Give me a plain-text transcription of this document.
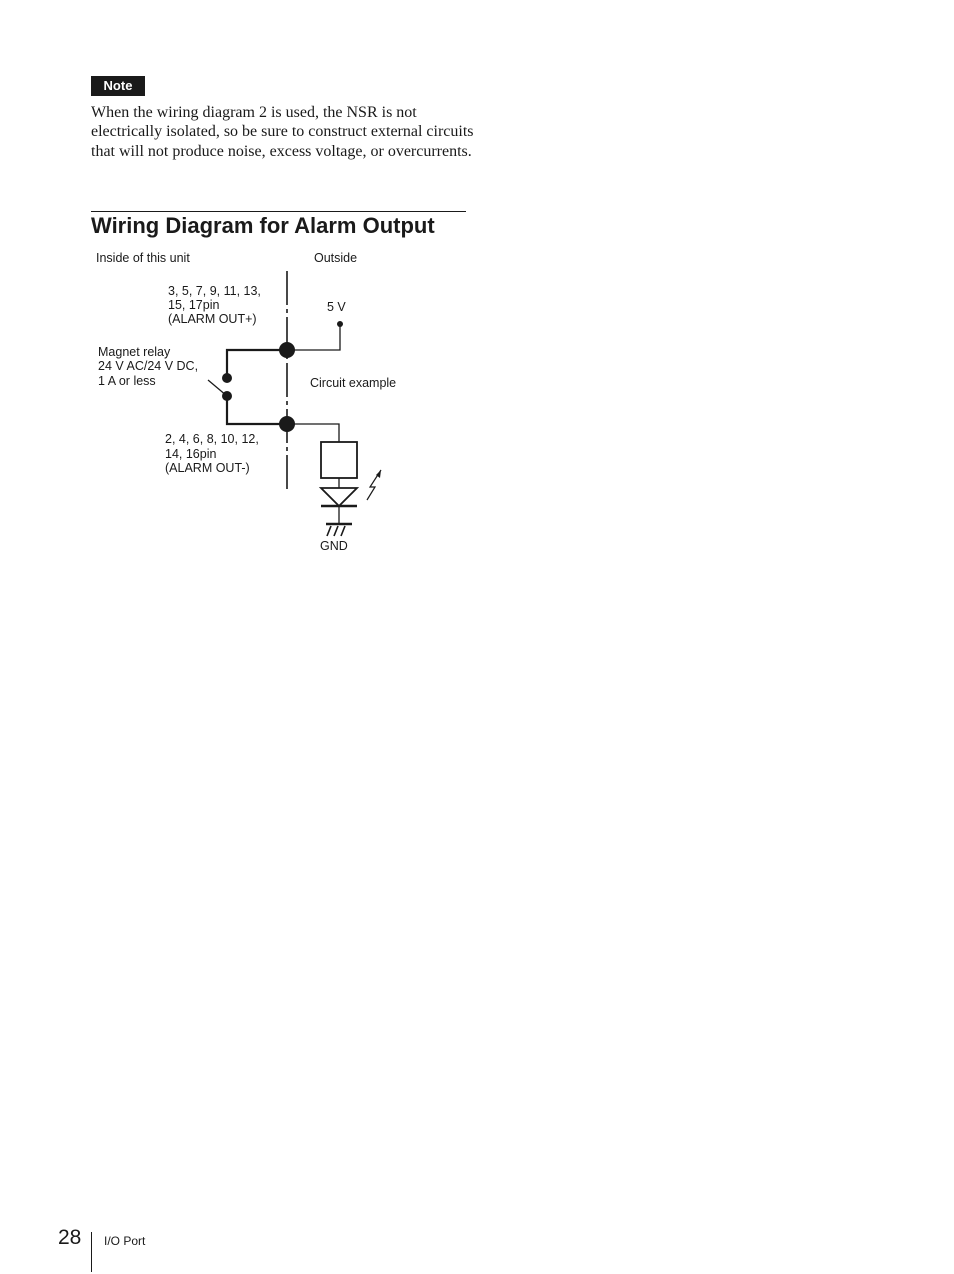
Note

When the wiring diagram 2 is used, the NSR is not electrically isolated, so be sure to construct external circuits that will not produce noise, excess voltage, or overcurrents.

Wiring Diagram for Alarm Output
Inside of this unit	Outside
3, 5, 7, 9, 11, 13, 15, 17pin (ALARM OUT+)
Magnet relay 24 V AC/24 V DC, 1 A or less
5 V
Circuit example
2, 4, 6, 8, 10, 12, 14, 16pin (ALARM OUT-)
GND
28 I/O Port
